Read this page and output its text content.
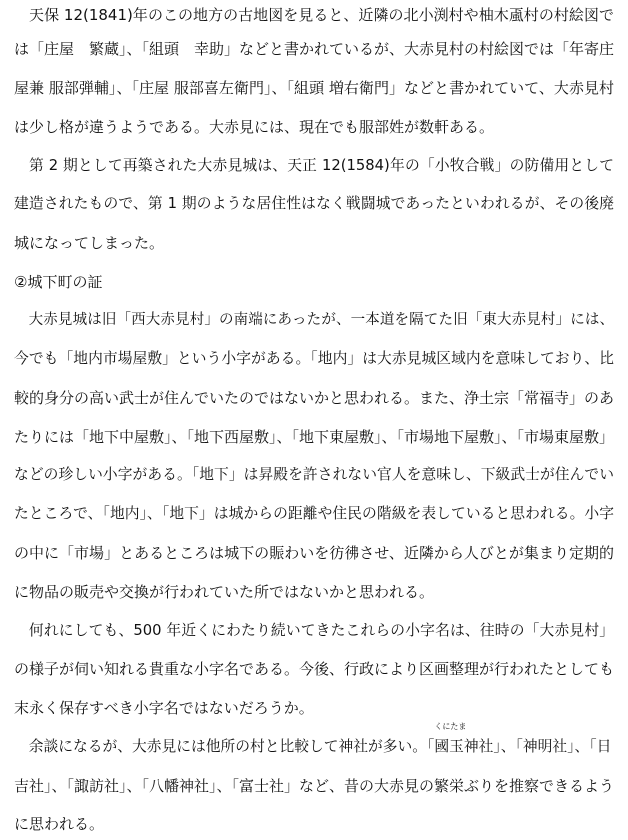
　天保 12(1841)年のこの地方の古地図を見ると、近隣の北小渕村や柚木颪村の村絵図で
は「庄屋　繁蔵」、「組頭　幸助」などと書かれているが、大赤見村の村絵図では「年寄庄
屋兼 服部弾輔」、「庄屋 服部喜左衛門」、「組頭 増右衛門」などと書かれていて、大赤見村
は少し格が違うようである。大赤見には、現在でも服部姓が数軒ある。
　第 2 期として再築された大赤見城は、天正 12(1584)年の「小牧合戦」の防備用として
建造されたもので、第 1 期のような居住性はなく戦闘城であったといわれるが、その後廃
城になってしまった。
②城下町の証
　大赤見城は旧「西大赤見村」の南端にあったが、一本道を隔てた旧「東大赤見村」には、
今でも「地内市場屋敷」という小字がある。「地内」は大赤見城区域内を意味しており、比
較的身分の高い武士が住んでいたのではないかと思われる。また、浄土宗「常福寺」のあ
たりには「地下中屋敷」、「地下西屋敷」、「地下東屋敷」、「市場地下屋敷」、「市場東屋敷」
などの珍しい小字がある。「地下」は昇殿を許されない官人を意味し、下級武士が住んでい
たところで、「地内」、「地下」は城からの距離や住民の階級を表していると思われる。小字
の中に「市場」とあるところは城下の賑わいを彷彿させ、近隣から人びとが集まり定期的
に物品の販売や交換が行われていた所ではないかと思われる。
　何れにしても、500 年近くにわたり続いてきたこれらの小字名は、往時の「大赤見村」
の様子が伺い知れる貴重な小字名である。今後、行政により区画整理が行われたとしても
末永く保存すべき小字名ではないだろうか。
　余談になるが、大赤見には他所の村と比較して神社が多い。「
くにたま
國玉神社」、「神明社」、「日
吉社」、「諏訪社」、「八幡神社」、「富士社」など、昔の大赤見の繁栄ぶりを推察できるよう
に思われる。
